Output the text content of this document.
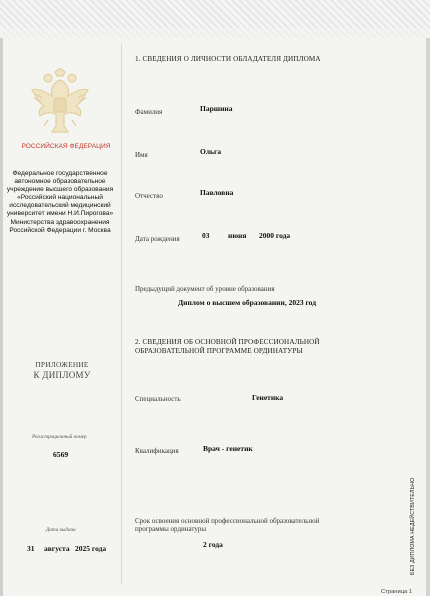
РОССИЙСКАЯ ФЕДЕРАЦИЯ
Федеральное государственное автономное образовательное учреждение высшего образования «Российский национальный исследовательский медицинский университет имени Н.И.Пирогова» Министерства здравоохранения Российской Федерации г. Москва
ПРИЛОЖЕНИЕ
К ДИПЛОМУ
Регистрационный номер
6569
Дата выдачи
31 августа 2025 года
1. СВЕДЕНИЯ О ЛИЧНОСТИ ОБЛАДАТЕЛЯ ДИПЛОМА
Фамилия	Паршина
Имя	Ольга
Отчество	Павловна
Дата рождения	03 июня 2000 года
Предыдущий документ об уровне образования
Диплом о высшем образовании, 2023 год
2. СВЕДЕНИЯ ОБ ОСНОВНОЙ ПРОФЕССИОНАЛЬНОЙ
ОБРАЗОВАТЕЛЬНОЙ ПРОГРАММЕ ОРДИНАТУРЫ
Специальность	Генетика
Квалификация	Врач - генетик
Срок освоения основной профессиональной образовательной
программы ординатуры
2 года	БЕЗ ДИПЛОМА НЕДЕЙСТВИТЕЛЬНО
Страница 1
